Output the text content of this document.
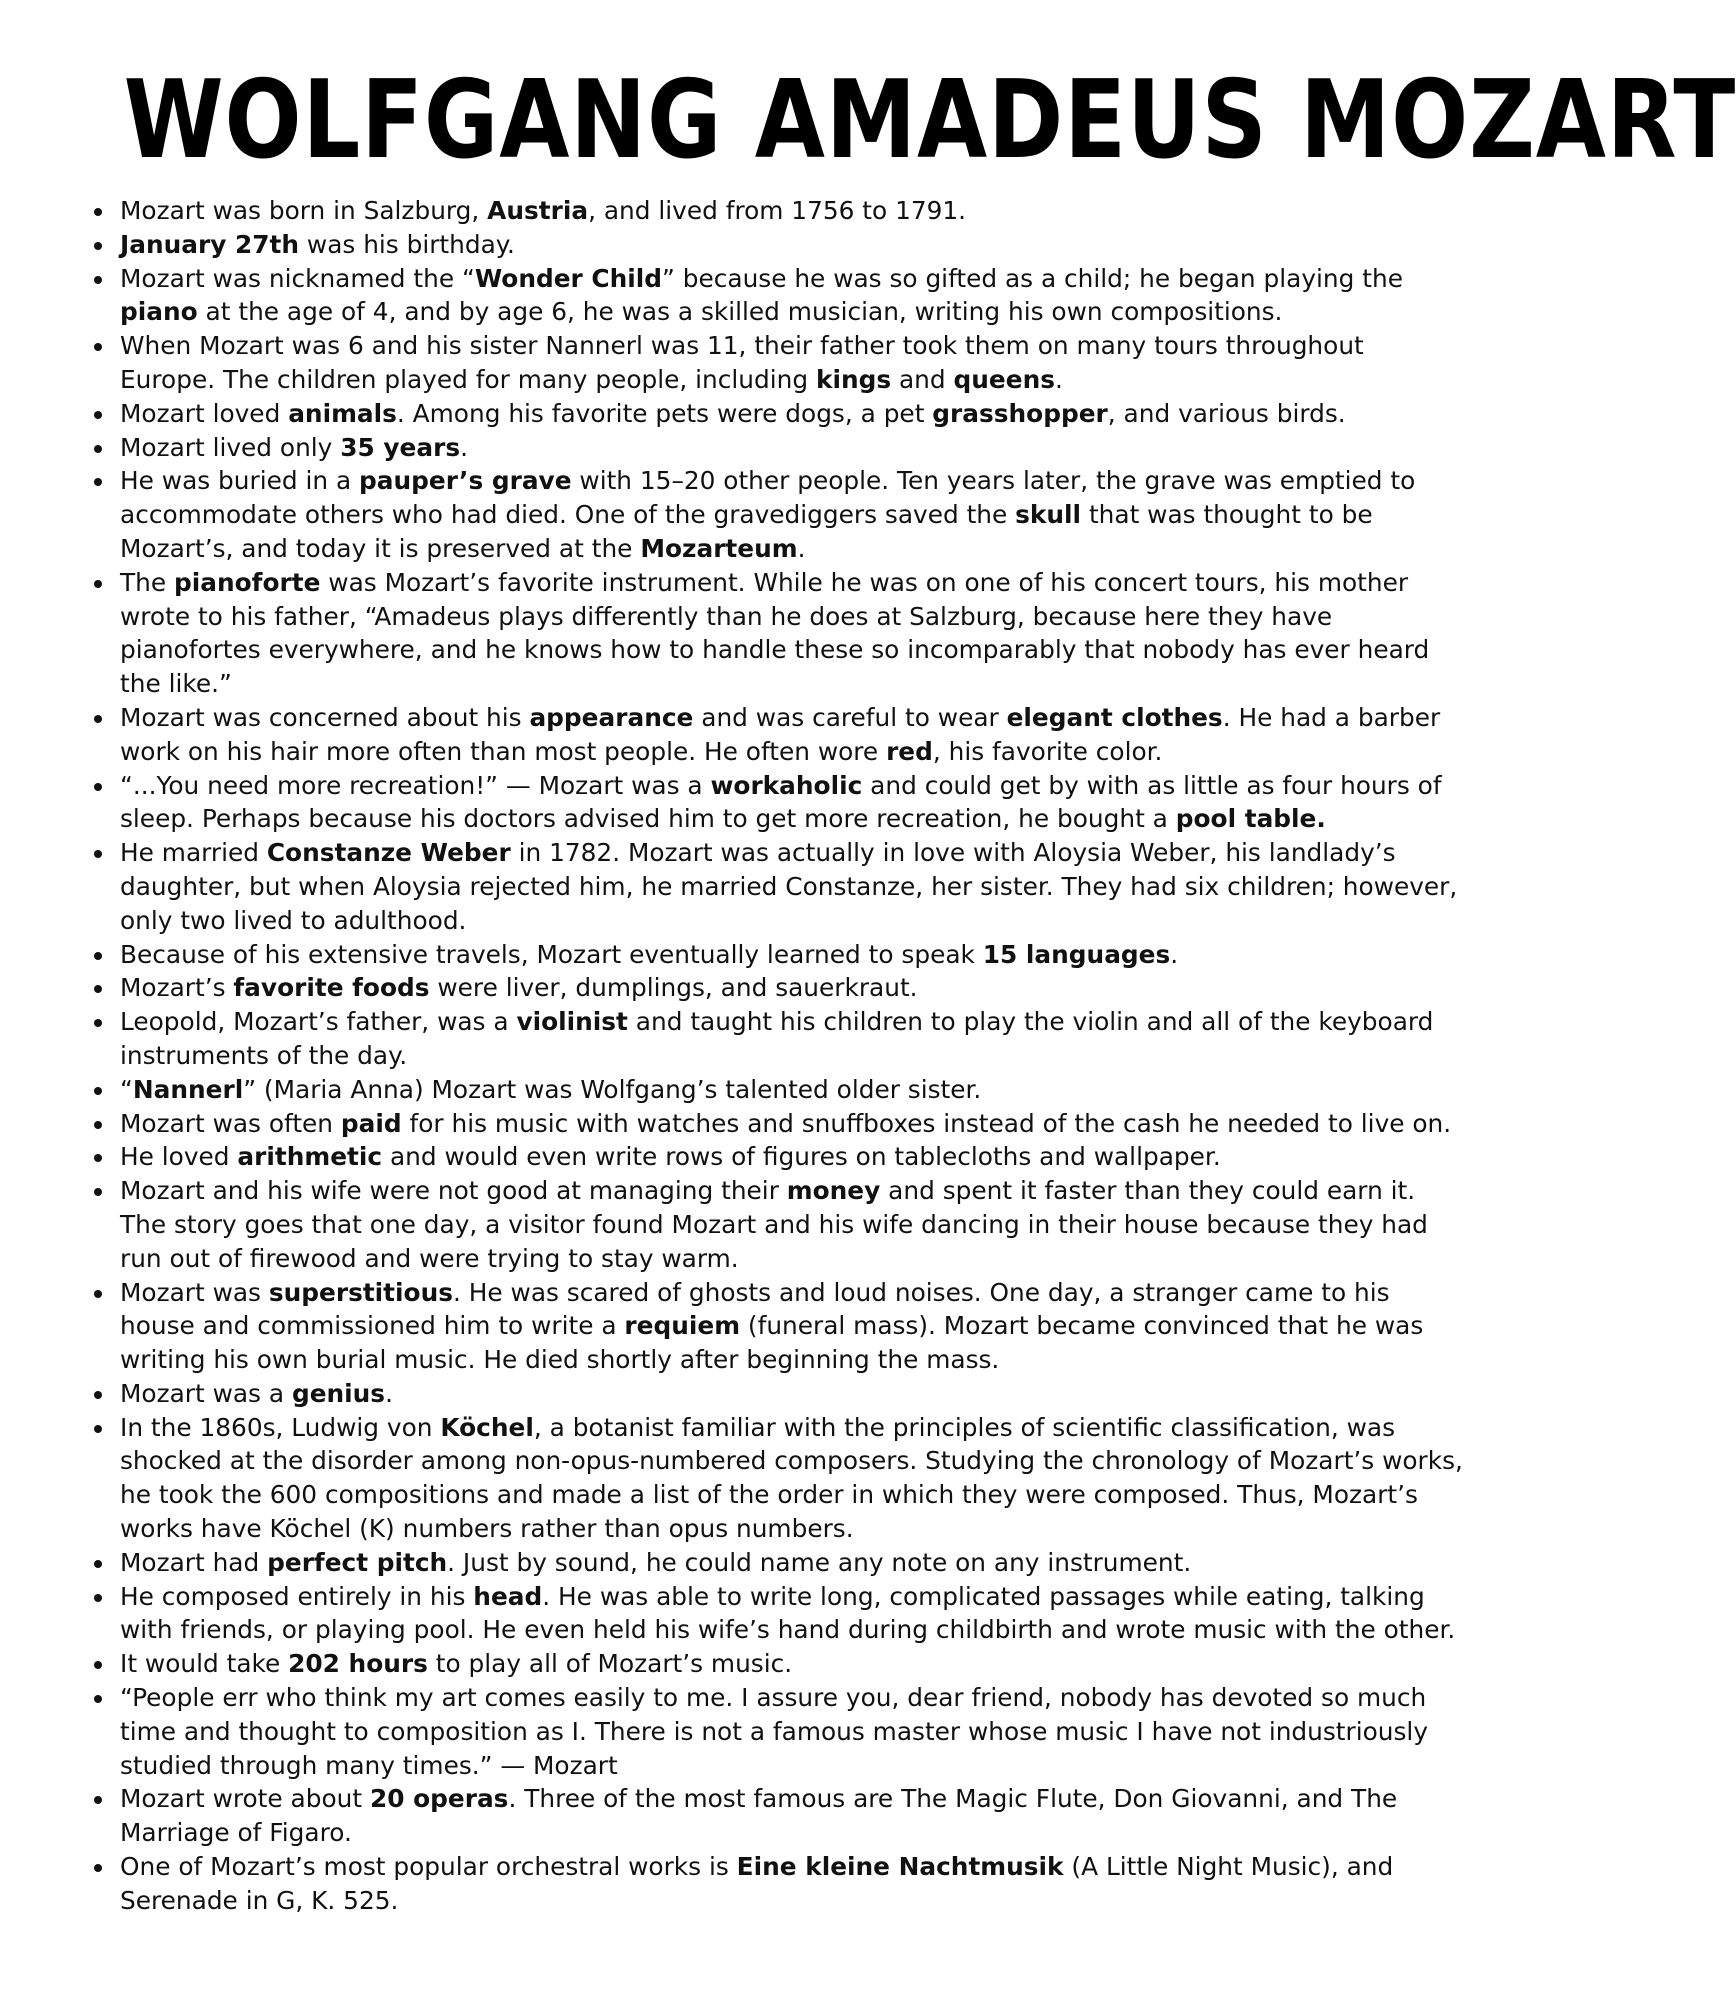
WOLFGANG AMADEUS MOZART
Mozart was born in Salzburg, Austria, and lived from 1756 to 1791.
January 27th was his birthday.
Mozart was nicknamed the “Wonder Child” because he was so gifted as a child; he began playing the piano at the age of 4, and by age 6, he was a skilled musician, writing his own compositions.
When Mozart was 6 and his sister Nannerl was 11, their father took them on many tours throughout Europe. The children played for many people, including kings and queens.
Mozart loved animals. Among his favorite pets were dogs, a pet grasshopper, and various birds.
Mozart lived only 35 years.
He was buried in a pauper’s grave with 15–20 other people. Ten years later, the grave was emptied to accommodate others who had died. One of the gravediggers saved the skull that was thought to be Mozart’s, and today it is preserved at the Mozarteum.
The pianoforte was Mozart’s favorite instrument. While he was on one of his concert tours, his mother wrote to his father, “Amadeus plays differently than he does at Salzburg, because here they have pianofortes everywhere, and he knows how to handle these so incomparably that nobody has ever heard the like.”
Mozart was concerned about his appearance and was careful to wear elegant clothes. He had a barber work on his hair more often than most people. He often wore red, his favorite color.
“...You need more recreation!” — Mozart was a workaholic and could get by with as little as four hours of sleep. Perhaps because his doctors advised him to get more recreation, he bought a pool table.
He married Constanze Weber in 1782. Mozart was actually in love with Aloysia Weber, his landlady’s daughter, but when Aloysia rejected him, he married Constanze, her sister. They had six children; however, only two lived to adulthood.
Because of his extensive travels, Mozart eventually learned to speak 15 languages.
Mozart’s favorite foods were liver, dumplings, and sauerkraut.
Leopold, Mozart’s father, was a violinist and taught his children to play the violin and all of the keyboard instruments of the day.
“Nannerl” (Maria Anna) Mozart was Wolfgang’s talented older sister.
Mozart was often paid for his music with watches and snuffboxes instead of the cash he needed to live on.
He loved arithmetic and would even write rows of figures on tablecloths and wallpaper.
Mozart and his wife were not good at managing their money and spent it faster than they could earn it. The story goes that one day, a visitor found Mozart and his wife dancing in their house because they had run out of firewood and were trying to stay warm.
Mozart was superstitious. He was scared of ghosts and loud noises. One day, a stranger came to his house and commissioned him to write a requiem (funeral mass). Mozart became convinced that he was writing his own burial music. He died shortly after beginning the mass.
Mozart was a genius.
In the 1860s, Ludwig von Köchel, a botanist familiar with the principles of scientific classification, was shocked at the disorder among non-opus-numbered composers. Studying the chronology of Mozart’s works, he took the 600 compositions and made a list of the order in which they were composed. Thus, Mozart’s works have Köchel (K) numbers rather than opus numbers.
Mozart had perfect pitch. Just by sound, he could name any note on any instrument.
He composed entirely in his head. He was able to write long, complicated passages while eating, talking with friends, or playing pool. He even held his wife’s hand during childbirth and wrote music with the other.
It would take 202 hours to play all of Mozart’s music.
“People err who think my art comes easily to me. I assure you, dear friend, nobody has devoted so much time and thought to composition as I. There is not a famous master whose music I have not industriously studied through many times.” — Mozart
Mozart wrote about 20 operas. Three of the most famous are The Magic Flute, Don Giovanni, and The Marriage of Figaro.
One of Mozart’s most popular orchestral works is Eine kleine Nachtmusik (A Little Night Music), and Serenade in G, K. 525.
